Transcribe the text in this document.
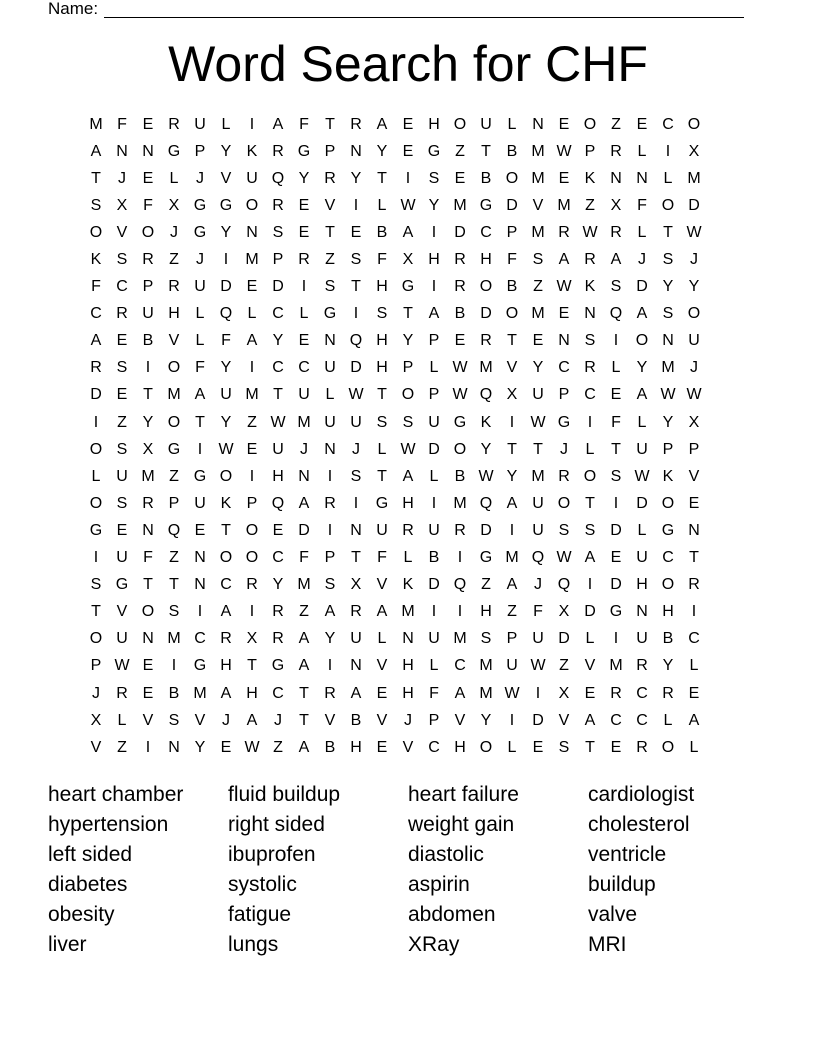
Name:
Word Search for CHF
M F E R U L	I	A F	T R A E H O U L N E O Z E C O
A N N G P Y K R G P N Y E G Z	T B M W P R L	I	X
T	J	E	L	J	V U Q Y R Y T	I	S E B O M E K N N L M
S X F X G G O R E V	I	L W Y M G D V M Z X F O D
O V O J G Y N S E T E B A	I	D C P M R W R L	T W
K S R Z	J	I	M P R Z S F X H R H F S A R A	J	S	J
F C P R U D E D	I	S T H G	I	R O B Z W K S D Y Y
C R U H L Q L C L G	I	S T A B D O M E N Q A S O
A E B V	L	F A Y E N Q H Y P E R T E N S	I	O N U
R S	I	O F Y	I	C C U D H P	L W M V Y C R L	Y M J
D E T M A U M T U L W T O P W Q X U P C E A W W
I	Z Y O T Y Z W M U U S S U G K	I	W G	I	F	L	Y X
O S X G	I	W E U	J	N	J	L W D O Y T	T	J	L	T U P P
L U M Z G O	I	H N	I	S T A	L	B W Y M R O S W K V
O S R P U K P Q A R	I	G H	I	M Q A U O T	I	D O E
G E N Q E T O E D	I	N U R U R D	I	U S S D L G N
I	U F	Z N O O C F P T	F	L	B	I	G M Q W A E U C T
S G T	T N C R Y M S X V K D Q Z A	J Q	I	D H O R
T V O S	I	A	I	R Z A R A M	I	I	H Z	F X D G N H	I
O U N M C R X R A Y U L N U M S P U D L	I	U B C
P W E	I	G H T G A	I	N V H L C M U W Z V M R Y	L
J	R E B M A H C T R A E H F A M W	I	X E R C R E
X	L	V S V	J	A	J	T V B V	J	P V Y	I	D V A C C L	A
V Z	I	N Y E W Z A B H E V C H O L	E S T E R O L
heart chamber	fluid buildup	heart failure	cardiologist
hypertension	right sided	weight gain	cholesterol
left sided	ibuprofen	diastolic	ventricle
diabetes	systolic	aspirin	buildup
obesity	fatigue	abdomen	valve
liver	lungs	XRay	MRI
